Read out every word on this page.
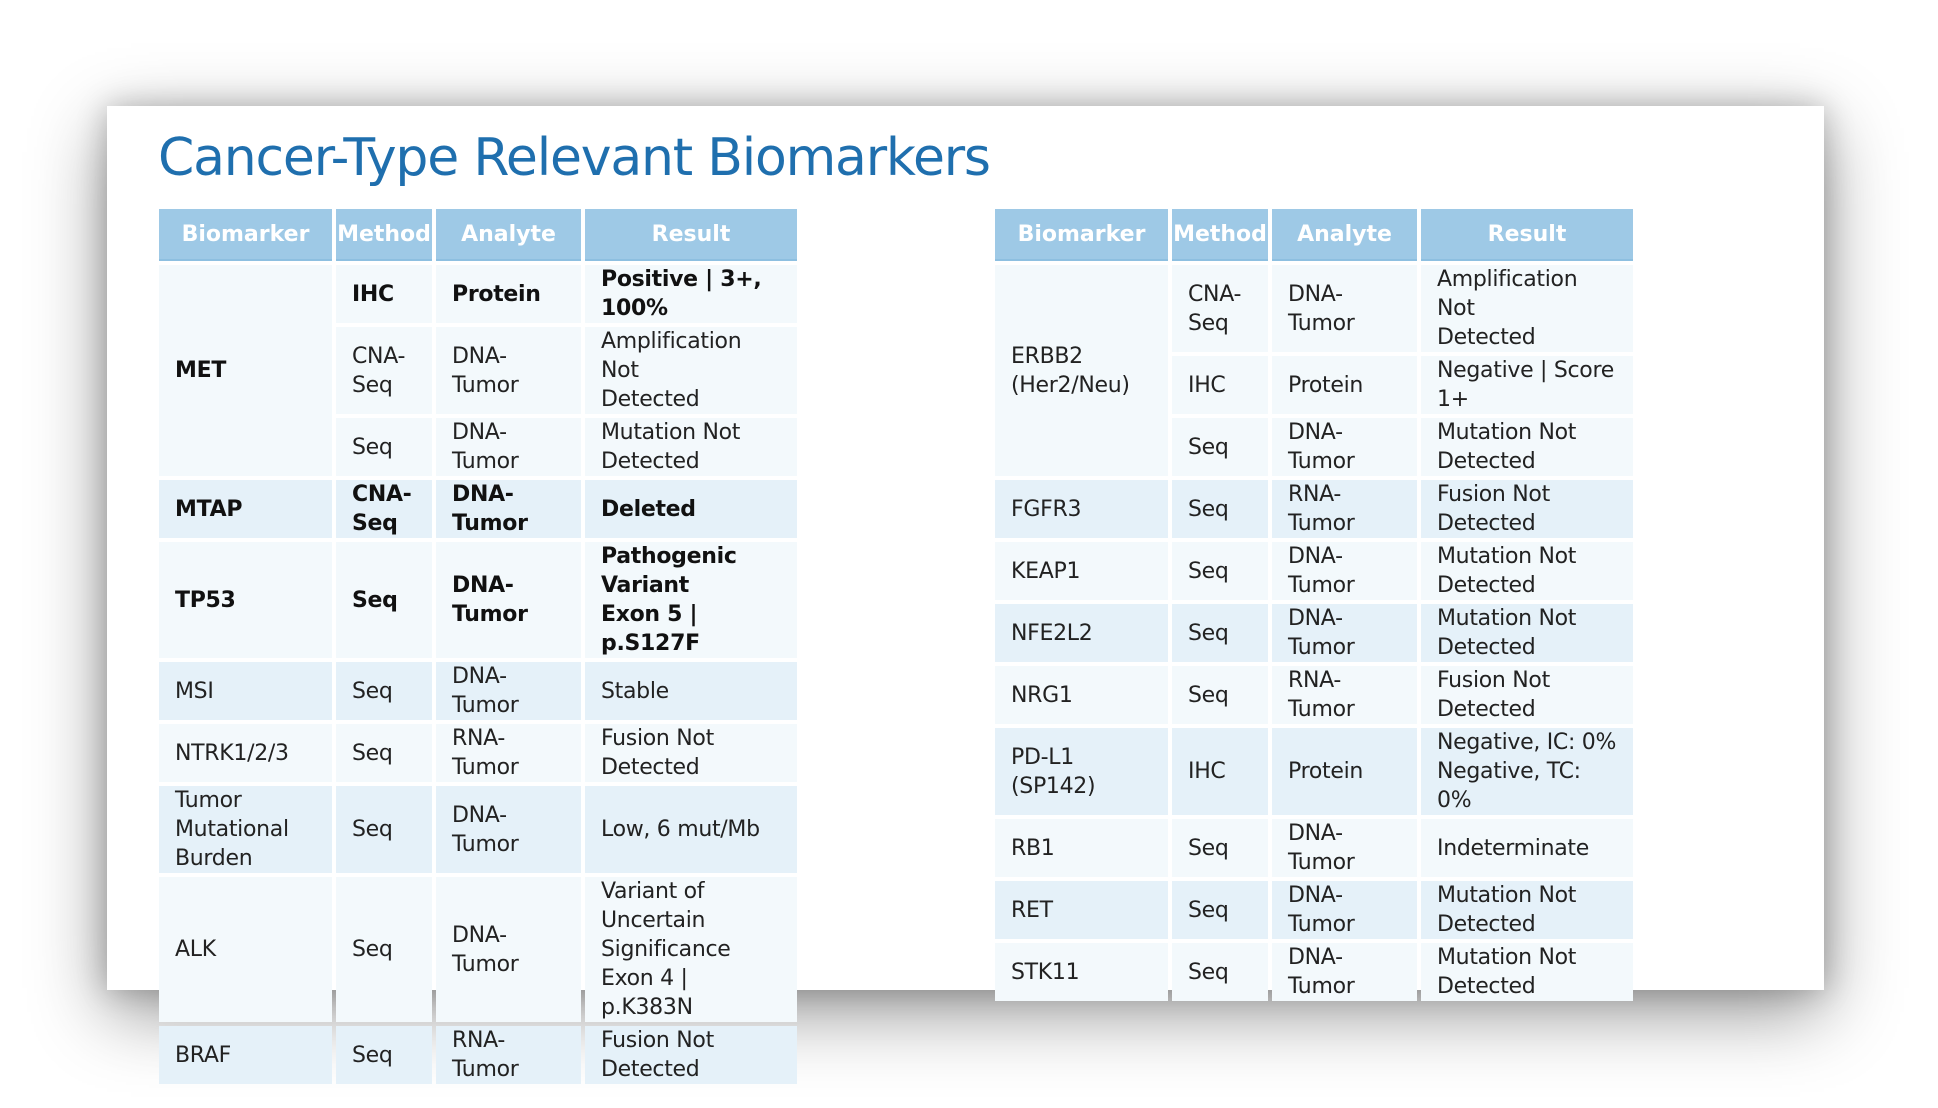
Cancer-Type Relevant Biomarkers
Biomarker	Method	Analyte	Result
MET	IHC	Protein	Positive | 3+, 100%
	CNA-Seq	DNA-Tumor	Amplification Not
Detected

	Seq	DNA-Tumor	Mutation Not Detected
MTAP	CNA-Seq	DNA-Tumor	Deleted
TP53	Seq	DNA-Tumor	Pathogenic Variant
Exon 5 | p.S127F

MSI	Seq	DNA-Tumor	Stable
NTRK1/2/3	Seq	RNA-Tumor	Fusion Not Detected

Tumor Mutational
Burden	Seq	DNA-Tumor	Low, 6 mut/Mb
ALK	Seq	DNA-Tumor	Variant of Uncertain
Significance
Exon 4 | p.K383N

BRAF	Seq	RNA-Tumor	Fusion Not Detected
Biomarker	Method	Analyte	Result
ERBB2 (Her2/Neu)	CNA-Seq	DNA-Tumor	Amplification Not
Detected

	IHC	Protein	Negative | Score 1+
	Seq	DNA-Tumor	Mutation Not Detected
FGFR3	Seq	RNA-Tumor	Fusion Not Detected
KEAP1	Seq	DNA-Tumor	Mutation Not Detected
NFE2L2	Seq	DNA-Tumor	Mutation Not Detected
NRG1	Seq	RNA-Tumor	Fusion Not Detected
PD-L1 (SP142)	IHC	Protein	Negative, IC: 0%
Negative, TC: 0%

RB1	Seq	DNA-Tumor	Indeterminate
RET	Seq	DNA-Tumor	Mutation Not Detected
STK11	Seq	DNA-Tumor	Mutation Not Detected
